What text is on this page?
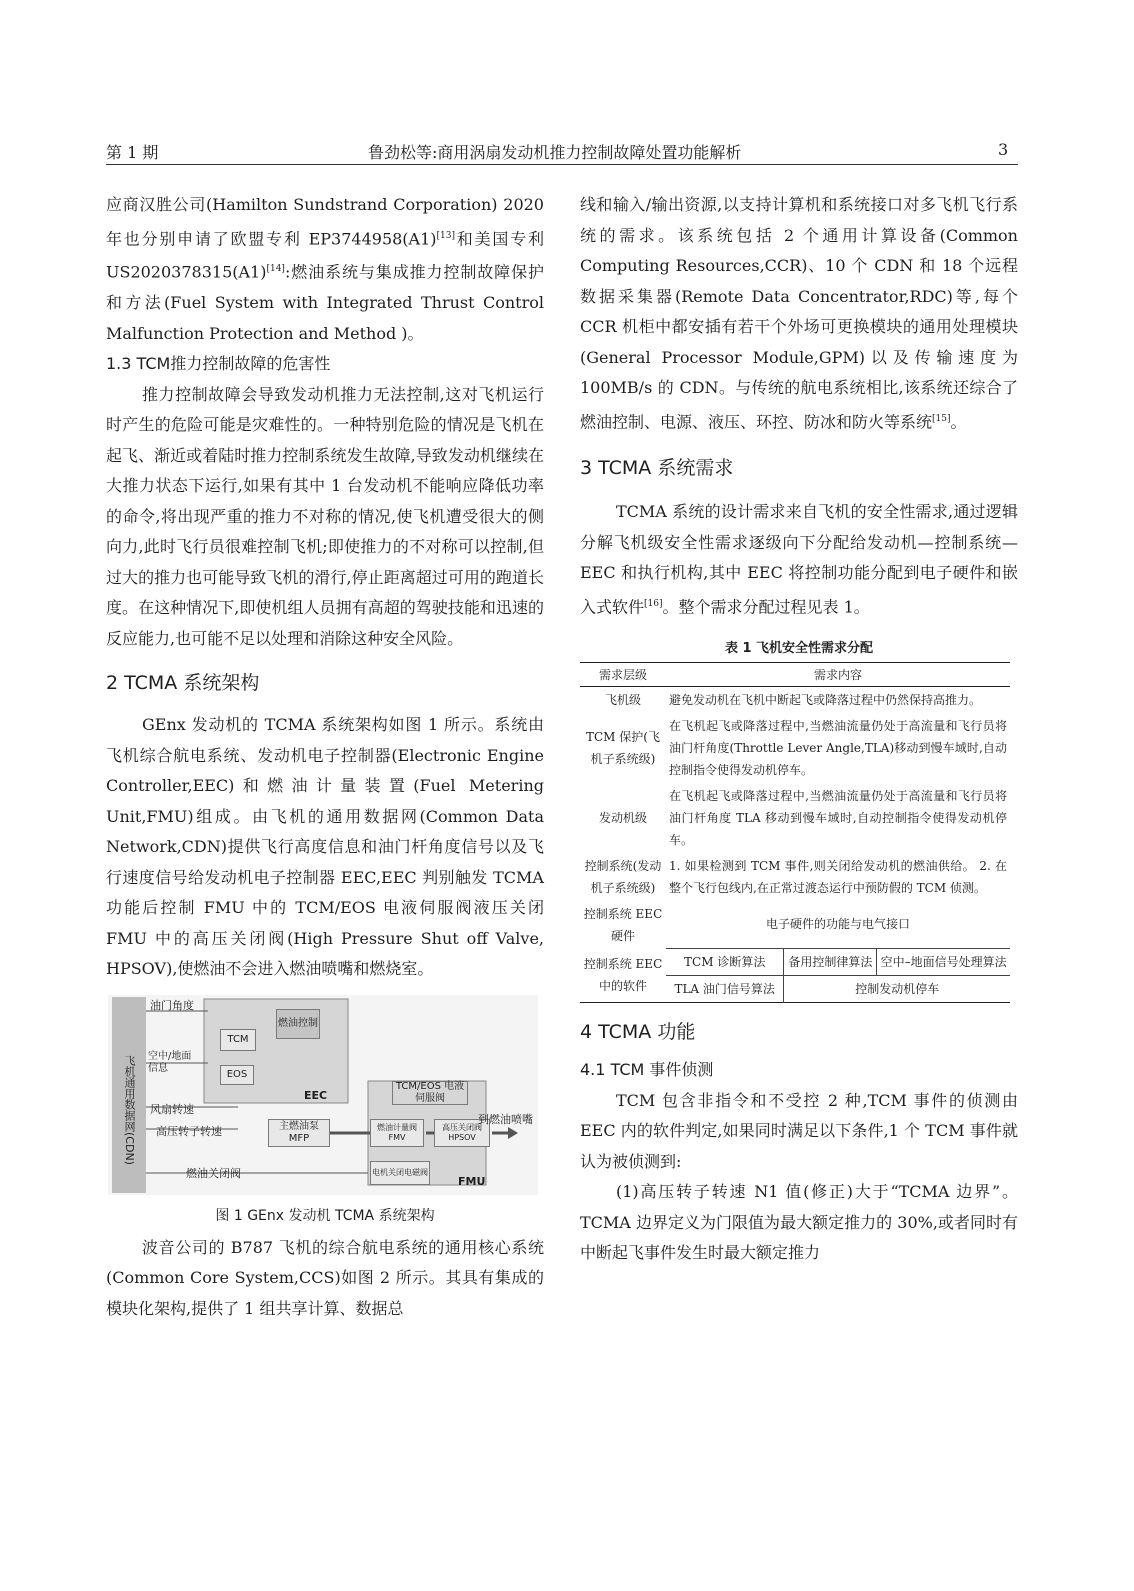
第 1 期	鲁劲松等:商用涡扇发动机推力控制故障处置功能解析	3

应商汉胜公司(Hamilton Sundstrand Corporation) 2020 年也分别申请了欧盟专利 EP3744958(A1)[13]和美国专利 US2020378315(A1)[14]:燃油系统与集成推力控制故障保护和方法(Fuel System with Integrated Thrust Control Malfunction Protection and Method )。

1.3 TCM推力控制故障的危害性

推力控制故障会导致发动机推力无法控制,这对飞机运行时产生的危险可能是灾难性的。一种特别危险的情况是飞机在起飞、渐近或着陆时推力控制系统发生故障,导致发动机继续在大推力状态下运行,如果有其中 1 台发动机不能响应降低功率的命令,将出现严重的推力不对称的情况,使飞机遭受很大的侧向力,此时飞行员很难控制飞机;即使推力的不对称可以控制,但过大的推力也可能导致飞机的滑行,停止距离超过可用的跑道长度。在这种情况下,即使机组人员拥有高超的驾驶技能和迅速的反应能力,也可能不足以处理和消除这种安全风险。

2 TCMA 系统架构

GEnx 发动机的 TCMA 系统架构如图 1 所示。系统由飞机综合航电系统、发动机电子控制器(Electronic Engine Controller,EEC)和燃油计量装置(Fuel Metering Unit,FMU)组成。由飞机的通用数据网(Common Data Network,CDN)提供飞行高度信息和油门杆角度信号以及飞行速度信号给发动机电子控制器 EEC,EEC 判别触发 TCMA 功能后控制 FMU 中的 TCM/EOS 电液伺服阀液压关闭 FMU 中的高压关闭阀(High Pressure Shut off Valve, HPSOV),使燃油不会进入燃油喷嘴和燃烧室。

飞机通用数据网(CDN)
油门角度
燃油控制
TCM
空中/地面信息
EOS
EEC
风扇转速
高压转子转速
TCM/EOS 电液伺服阀
主燃油泵 MFP
燃油计量阀 FMV
高压关闭阀 HPSOV
到燃油喷嘴
燃油关闭阀	电机关闭电磁阀
FMU
图 1 GEnx 发动机 TCMA 系统架构

波音公司的 B787 飞机的综合航电系统的通用核心系统(Common Core System,CCS)如图 2 所示。其具有集成的模块化架构,提供了 1 组共享计算、数据总

线和输入/输出资源,以支持计算机和系统接口对多飞机飞行系统的需求。该系统包括 2 个通用计算设备(Common Computing Resources,CCR)、10 个 CDN 和 18 个远程数据采集器(Remote Data Concentrator,RDC)等,每个 CCR 机柜中都安插有若干个外场可更换模块的通用处理模块(General Processor Module,GPM)以及传输速度为 100MB/s 的 CDN。与传统的航电系统相比,该系统还综合了燃油控制、电源、液压、环控、防冰和防火等系统[15]。

3 TCMA 系统需求

TCMA 系统的设计需求来自飞机的安全性需求,通过逻辑分解飞机级安全性需求逐级向下分配给发动机—控制系统—EEC 和执行机构,其中 EEC 将控制功能分配到电子硬件和嵌入式软件[16]。整个需求分配过程见表 1。

表 1 飞机安全性需求分配
需求层级	需求内容		
飞机级	避免发动机在飞机中断起飞或降落过程中仍然保持高推力。		
TCM 保护(飞机子系统级)	在飞机起飞或降落过程中,当燃油流量仍处于高流量和飞行员将油门杆角度(Throttle Lever Angle,TLA)移动到慢车域时,自动控制指令使得发动机停车。		
发动机级	在飞机起飞或降落过程中,当燃油流量仍处于高流量和飞行员将油门杆角度 TLA 移动到慢车域时,自动控制指令使得发动机停车。		
控制系统(发动机子系统级)	1. 如果检测到 TCM 事件,则关闭给发动机的燃油供给。 2. 在整个飞行包线内,在正常过渡态运行中预防假的 TCM 侦测。		
控制系统 EEC 硬件	电子硬件的功能与电气接口		
控制系统 EEC 中的软件	TCM 诊断算法	备用控制律算法	空中–地面信号处理算法
	TLA 油门信号算法	控制发动机停车	

4 TCMA 功能

4.1 TCM 事件侦测

TCM 包含非指令和不受控 2 种,TCM 事件的侦测由 EEC 内的软件判定,如果同时满足以下条件,1 个 TCM 事件就认为被侦测到:

(1)高压转子转速 N1 值(修正)大于“TCMA 边界”。TCMA 边界定义为门限值为最大额定推力的 30%,或者同时有中断起飞事件发生时最大额定推力
